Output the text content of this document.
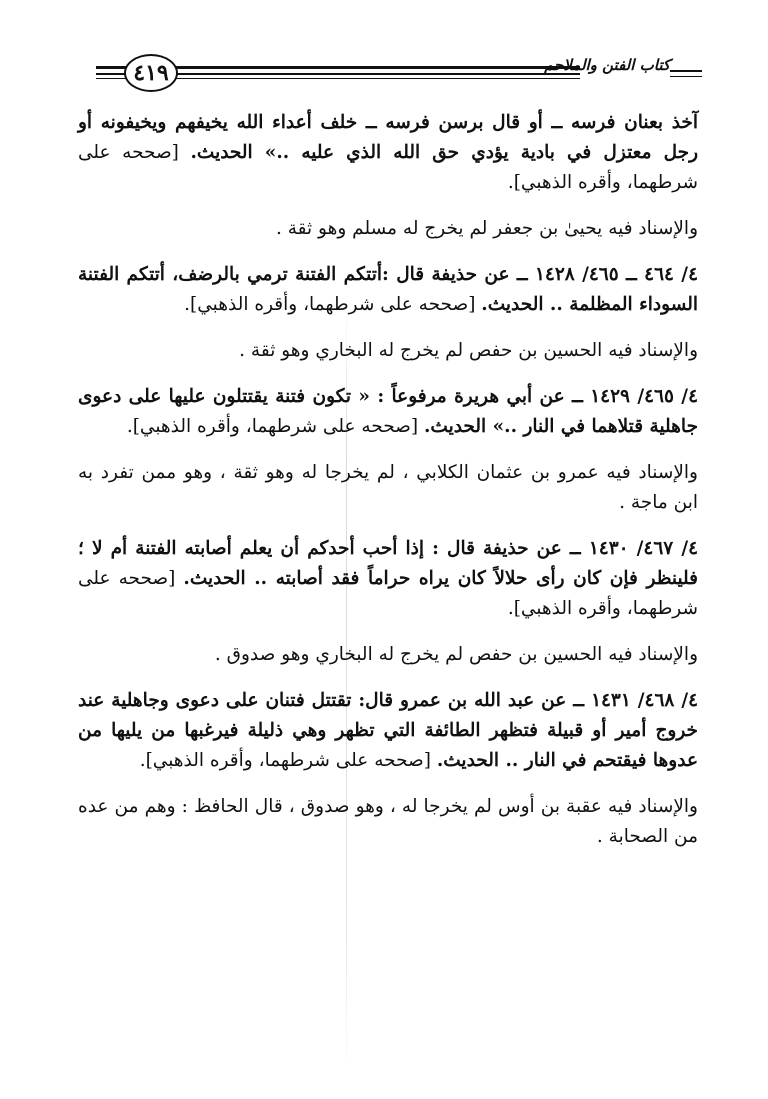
٤١٩	كتاب الفتن والملاحم

آخذ بعنان فرسه ــ أو قال برسن فرسه ــ خلف أعداء الله يخيفهم ويخيفونه أو رجل معتزل في بادية يؤدي حق الله الذي عليه ..» الحديث. [صححه على شرطهما، وأقره الذهبي].

والإسناد فيه يحيىٰ بن جعفر لم يخرج له مسلم وهو ثقة .

٤/ ٤٦٤ ــ ٤٦٥/ ١٤٢٨ ــ عن حذيفة قال :أتتكم الفتنة ترمي بالرضف، أتتكم الفتنة السوداء المظلمة .. الحديث. [صححه على شرطهما، وأقره الذهبي].

والإسناد فيه الحسين بن حفص لم يخرج له البخاري وهو ثقة .

٤/ ٤٦٥/ ١٤٢٩ ــ عن أبي هريرة مرفوعاً : « تكون فتنة يقتتلون عليها على دعوى جاهلية قتلاهما في النار ..» الحديث. [صححه على شرطهما، وأقره الذهبي].

والإسناد فيه عمرو بن عثمان الكلابي ، لم يخرجا له وهو ثقة ، وهو ممن تفرد به ابن ماجة .

٤/ ٤٦٧/ ١٤٣٠ ــ عن حذيفة قال : إذا أحب أحدكم أن يعلم أصابته الفتنة أم لا ؛ فلينظر فإن كان رأى حلالاً كان يراه حراماً فقد أصابته .. الحديث. [صححه على شرطهما، وأقره الذهبي].

والإسناد فيه الحسين بن حفص لم يخرج له البخاري وهو صدوق .

٤/ ٤٦٨/ ١٤٣١ ــ عن عبد الله بن عمرو قال: تقتتل فتنان على دعوى وجاهلية عند خروج أمير أو قبيلة فتظهر الطائفة التي تظهر وهي ذليلة فيرغبها من يليها من عدوها فيقتحم في النار .. الحديث. [صححه على شرطهما، وأقره الذهبي].

والإسناد فيه عقبة بن أوس لم يخرجا له ، وهو صدوق ، قال الحافظ : وهم من عده من الصحابة .
